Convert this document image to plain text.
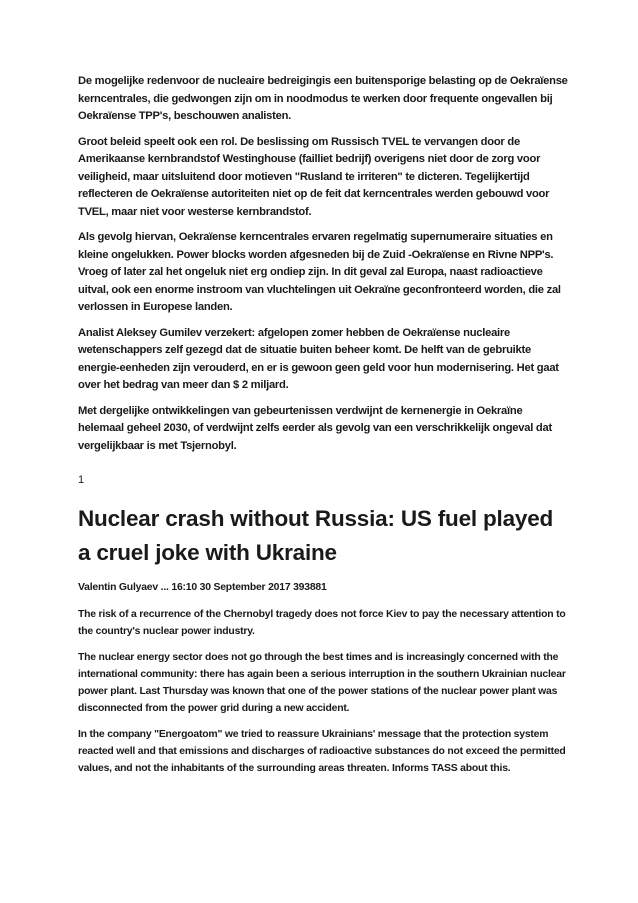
De mogelijke redenvoor de nucleaire bedreigingis een buitensporige belasting op de Oekraïense kerncentrales, die gedwongen zijn om in noodmodus te werken door frequente ongevallen bij Oekraïense TPP's, beschouwen analisten.

Groot beleid speelt ook een rol. De beslissing om Russisch TVEL te vervangen door de Amerikaanse kernbrandstof Westinghouse (failliet bedrijf) overigens niet door de zorg voor veiligheid, maar uitsluitend door motieven "Rusland te irriteren" te dicteren. Tegelijkertijd reflecteren de Oekraïense autoriteiten niet op de feit dat kerncentrales werden gebouwd voor TVEL, maar niet voor westerse kernbrandstof.

Als gevolg hiervan, Oekraïense kerncentrales ervaren regelmatig supernumeraire situaties en kleine ongelukken. Power blocks worden afgesneden bij de Zuid -Oekraïense en Rivne NPP's. Vroeg of later zal het ongeluk niet erg ondiep zijn. In dit geval zal Europa, naast radioactieve uitval, ook een enorme instroom van vluchtelingen uit Oekraïne geconfronteerd worden, die zal verlossen in Europese landen.

Analist Aleksey Gumilev verzekert: afgelopen zomer hebben de Oekraïense nucleaire wetenschappers zelf gezegd dat de situatie buiten beheer komt. De helft van de gebruikte energie-eenheden zijn verouderd, en er is gewoon geen geld voor hun modernisering. Het gaat over het bedrag van meer dan $ 2 miljard.

Met dergelijke ontwikkelingen van gebeurtenissen verdwijnt de kernenergie in Oekraïne helemaal geheel 2030, of verdwijnt zelfs eerder als gevolg van een verschrikkelijk ongeval dat vergelijkbaar is met Tsjernobyl.

1
Nuclear crash without Russia: US fuel played a cruel joke with Ukraine
Valentin Gulyaev ... 16:10 30 September 2017 393881

The risk of a recurrence of the Chernobyl tragedy does not force Kiev to pay the necessary attention to the country's nuclear power industry.

The nuclear energy sector does not go through the best times and is increasingly concerned with the international community: there has again been a serious interruption in the southern Ukrainian nuclear power plant. Last Thursday was known that one of the power stations of the nuclear power plant was disconnected from the power grid during a new accident.

In the company "Energoatom" we tried to reassure Ukrainians' message that the protection system reacted well and that emissions and discharges of radioactive substances do not exceed the permitted values, and not the inhabitants of the surrounding areas threaten. Informs TASS about this.
